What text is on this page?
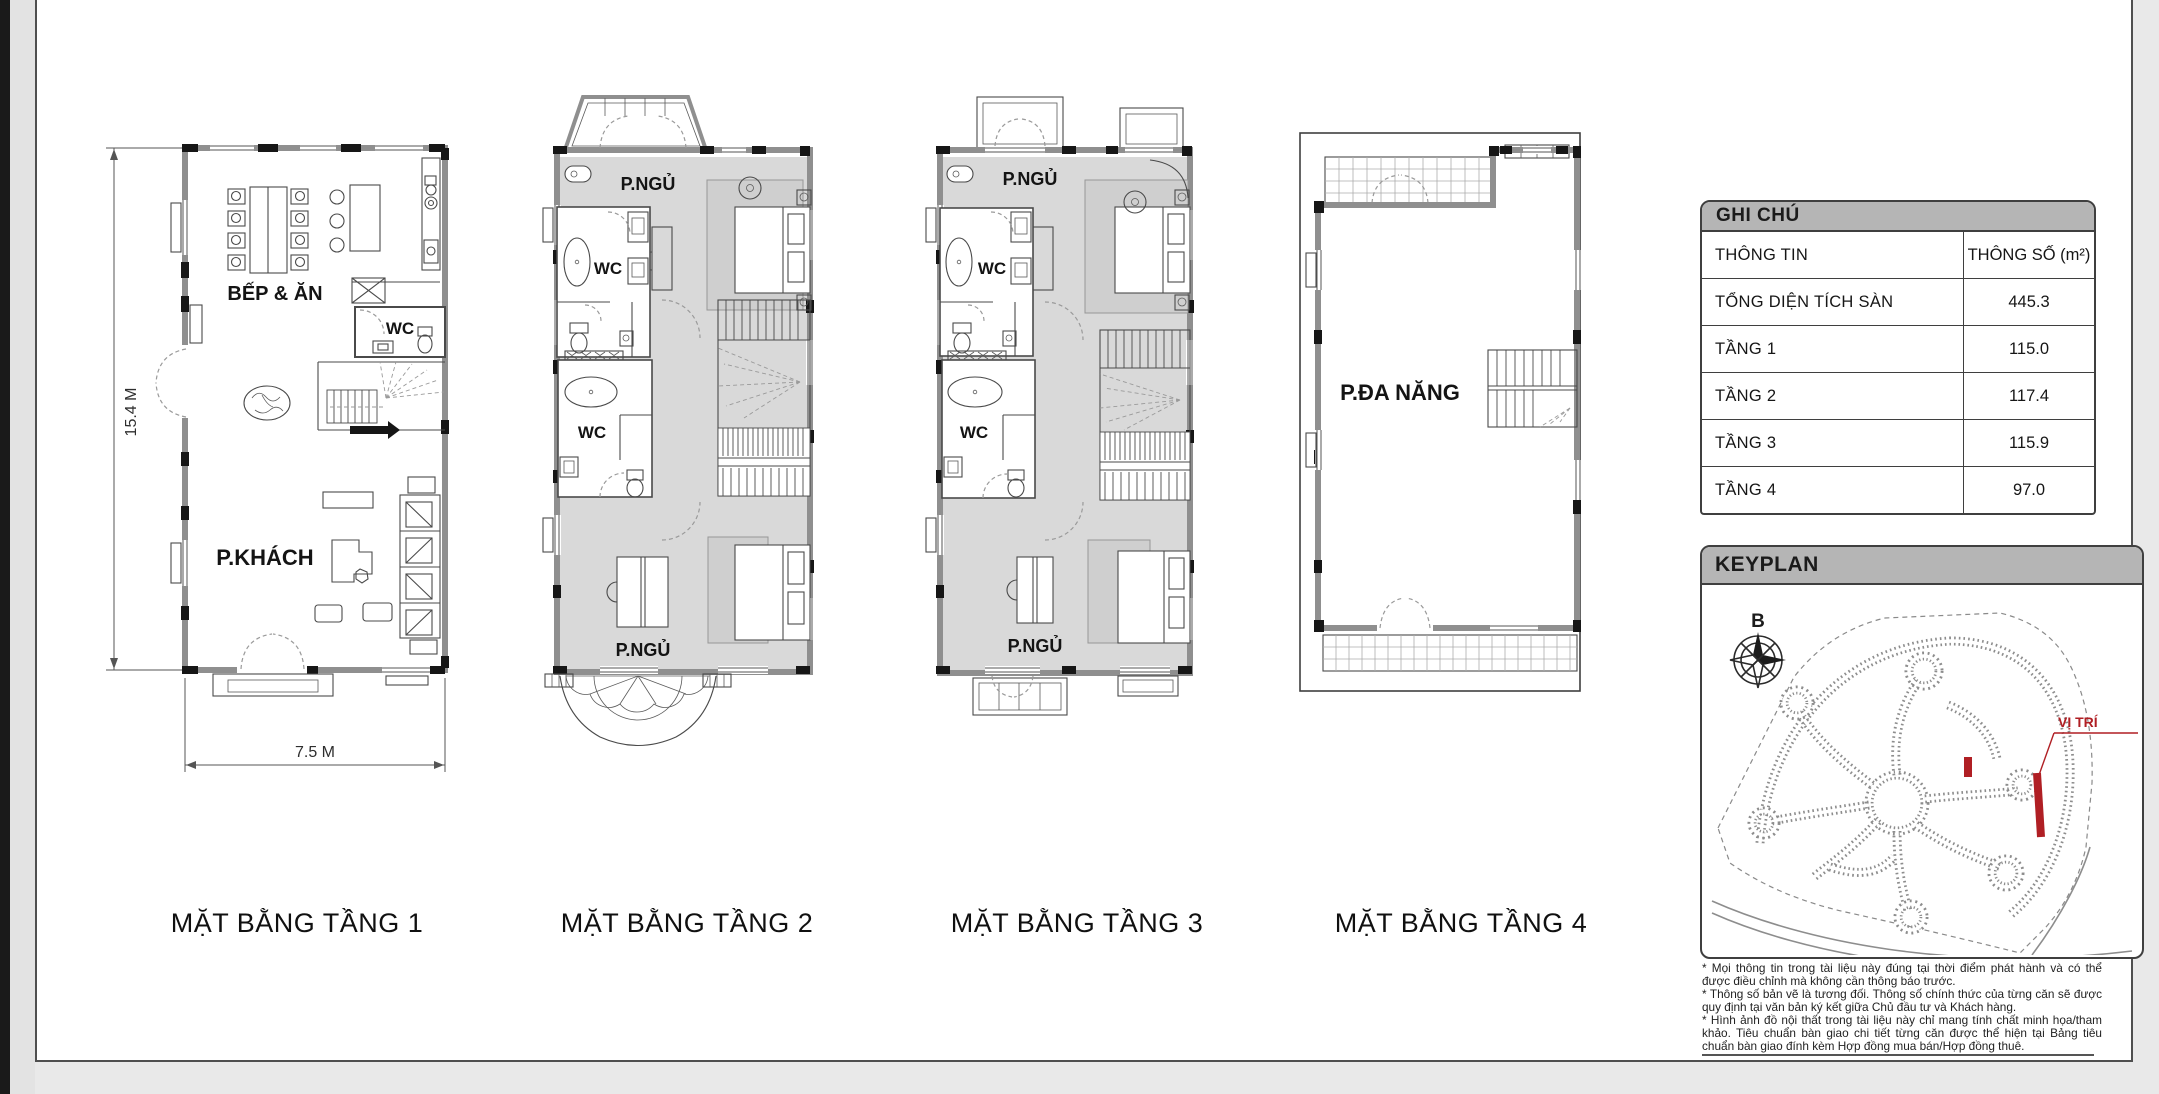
15.4 M
BẾP & ĂN
WC
P.KHÁCH
7.5 M
P.NGỦ
WC
WC
P.NGỦ
P.NGỦ
WC
WC
P.NGỦ
P.ĐA NĂNG
MẶT BẰNG TẦNG 1	MẶT BẰNG TẦNG 2	MẶT BẰNG TẦNG 3	MẶT BẰNG TẦNG 4
GHI CHÚ
THÔNG TIN	THÔNG SỐ (m²)
TỔNG DIỆN TÍCH SÀN	445.3
TẦNG 1	115.0
TẦNG 2	117.4
TẦNG 3	115.9
TẦNG 4	97.0
KEYPLAN
B
VỊ TRÍ

* Mọi thông tin trong tài liệu này đúng tại thời điểm phát hành và có thể được điều chỉnh mà không cần thông báo trước.

* Thông số bản vẽ là tương đối. Thông số chính thức của từng căn sẽ được quy định tại văn bản ký kết giữa Chủ đầu tư và Khách hàng.

* Hình ảnh đồ nội thất trong tài liệu này chỉ mang tính chất minh họa/tham khảo. Tiêu chuẩn bàn giao chi tiết từng căn được thể hiện tại Bảng tiêu chuẩn bàn giao đính kèm Hợp đồng mua bán/Hợp đồng thuê.
